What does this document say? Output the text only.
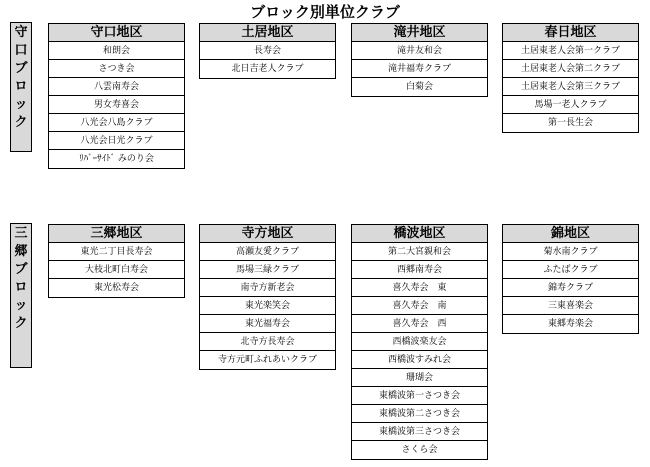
ブロック別単位クラブ
守
口
ブ
ロ
ッ
ク
守口地区
和朗会
さつき会
八雲南寿会
男女寿喜会
八光会八島クラブ
八光会日光クラブ
ﾘﾊﾞｰｻｲﾄﾞ みのり会
土居地区
長寿会
北日吉老人クラブ
滝井地区
滝井友和会
滝井福寿クラブ
白菊会
春日地区
土居東老人会第一クラブ
土居東老人会第二クラブ
土居東老人会第三クラブ
馬場一老人クラブ
第一長生会
三
郷
ブ
ロ
ッ
ク
三郷地区
東光二丁目長寿会
大枝北町白寿会
東光松寿会
寺方地区
高瀬友愛クラブ
馬場三緑クラブ
南寺方新老会
東光楽笑会
東光福寿会
北寺方長寿会
寺方元町ふれあいクラブ
橋波地区
第二大宮親和会
西郷南寿会
喜久寿会　東
喜久寿会　南
喜久寿会　西
西橋波楽友会
西橋波すみれ会
珊瑚会
東橋波第一さつき会
東橋波第二さつき会
東橋波第三さつき会
さくら会
錦地区
菊水南クラブ
ふたばクラブ
錦寿クラブ
三東喜楽会
東郷寿楽会
